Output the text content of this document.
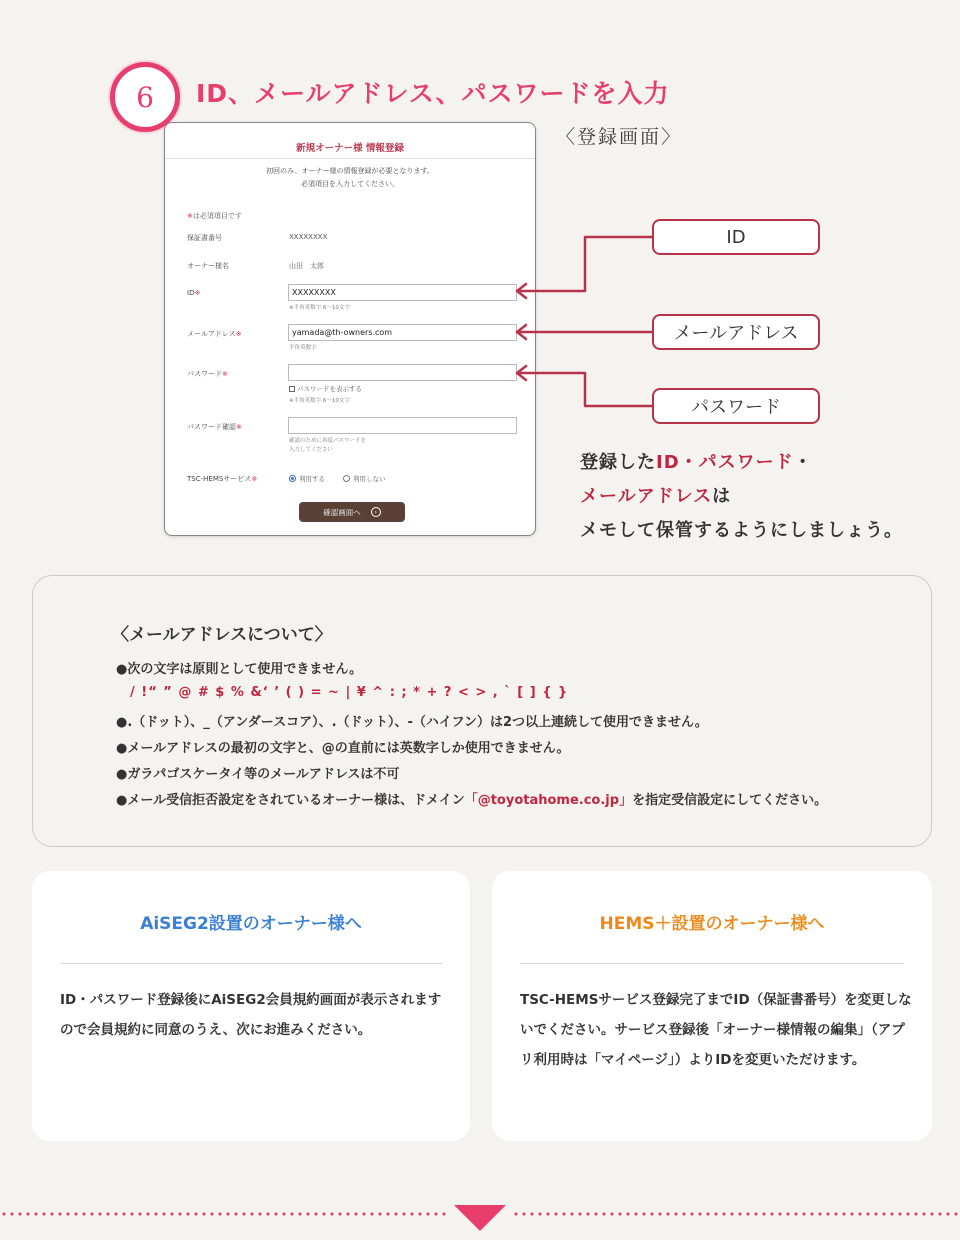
6 ID、メールアドレス、パスワードを入力
〈登録画面〉
新規オーナー様 情報登録
初回のみ、オーナー様の情報登録が必要となります。
必須項目を入力してください。
※は必須項目です
保証書番号	XXXXXXXX
オーナー様名	山田　太郎
ID※	XXXXXXXX
※半角英数字 6～10文字
メールアドレス※	yamada@th-owners.com
半角英数字
パスワード※
パスワードを表示する
※半角英数字 6～10文字
パスワード確認※
確認のために再度パスワードを
入力してください
TSC-HEMSサービス※	利用する	利用しない
確認画面へ	›
ID
メールアドレス
パスワード
登録したID・パスワード・
メールアドレスは
メモして保管するようにしましょう。
〈メールアドレスについて〉
●次の文字は原則として使用できません。
/ !“ ” @ # $ % &‘ ’ ( ) = ~ | ¥ ^ : ; * + ? < > , ` [ ] { }
●.（ドット）、_（アンダースコア）、.（ドット）、-（ハイフン）は2つ以上連続して使用できません。
●メールアドレスの最初の文字と、@の直前には英数字しか使用できません。
●ガラパゴスケータイ等のメールアドレスは不可
●メール受信拒否設定をされているオーナー様は、ドメイン「@toyotahome.co.jp」を指定受信設定にしてください。
AiSEG2設置のオーナー様へ
ID・パスワード登録後にAiSEG2会員規約画面が表示されますので会員規約に同意のうえ、次にお進みください。
HEMS＋設置のオーナー様へ
TSC-HEMSサービス登録完了までID（保証書番号）を変更しないでください。サービス登録後「オーナー様情報の編集」（アプリ利用時は「マイページ」）よりIDを変更いただけます。
